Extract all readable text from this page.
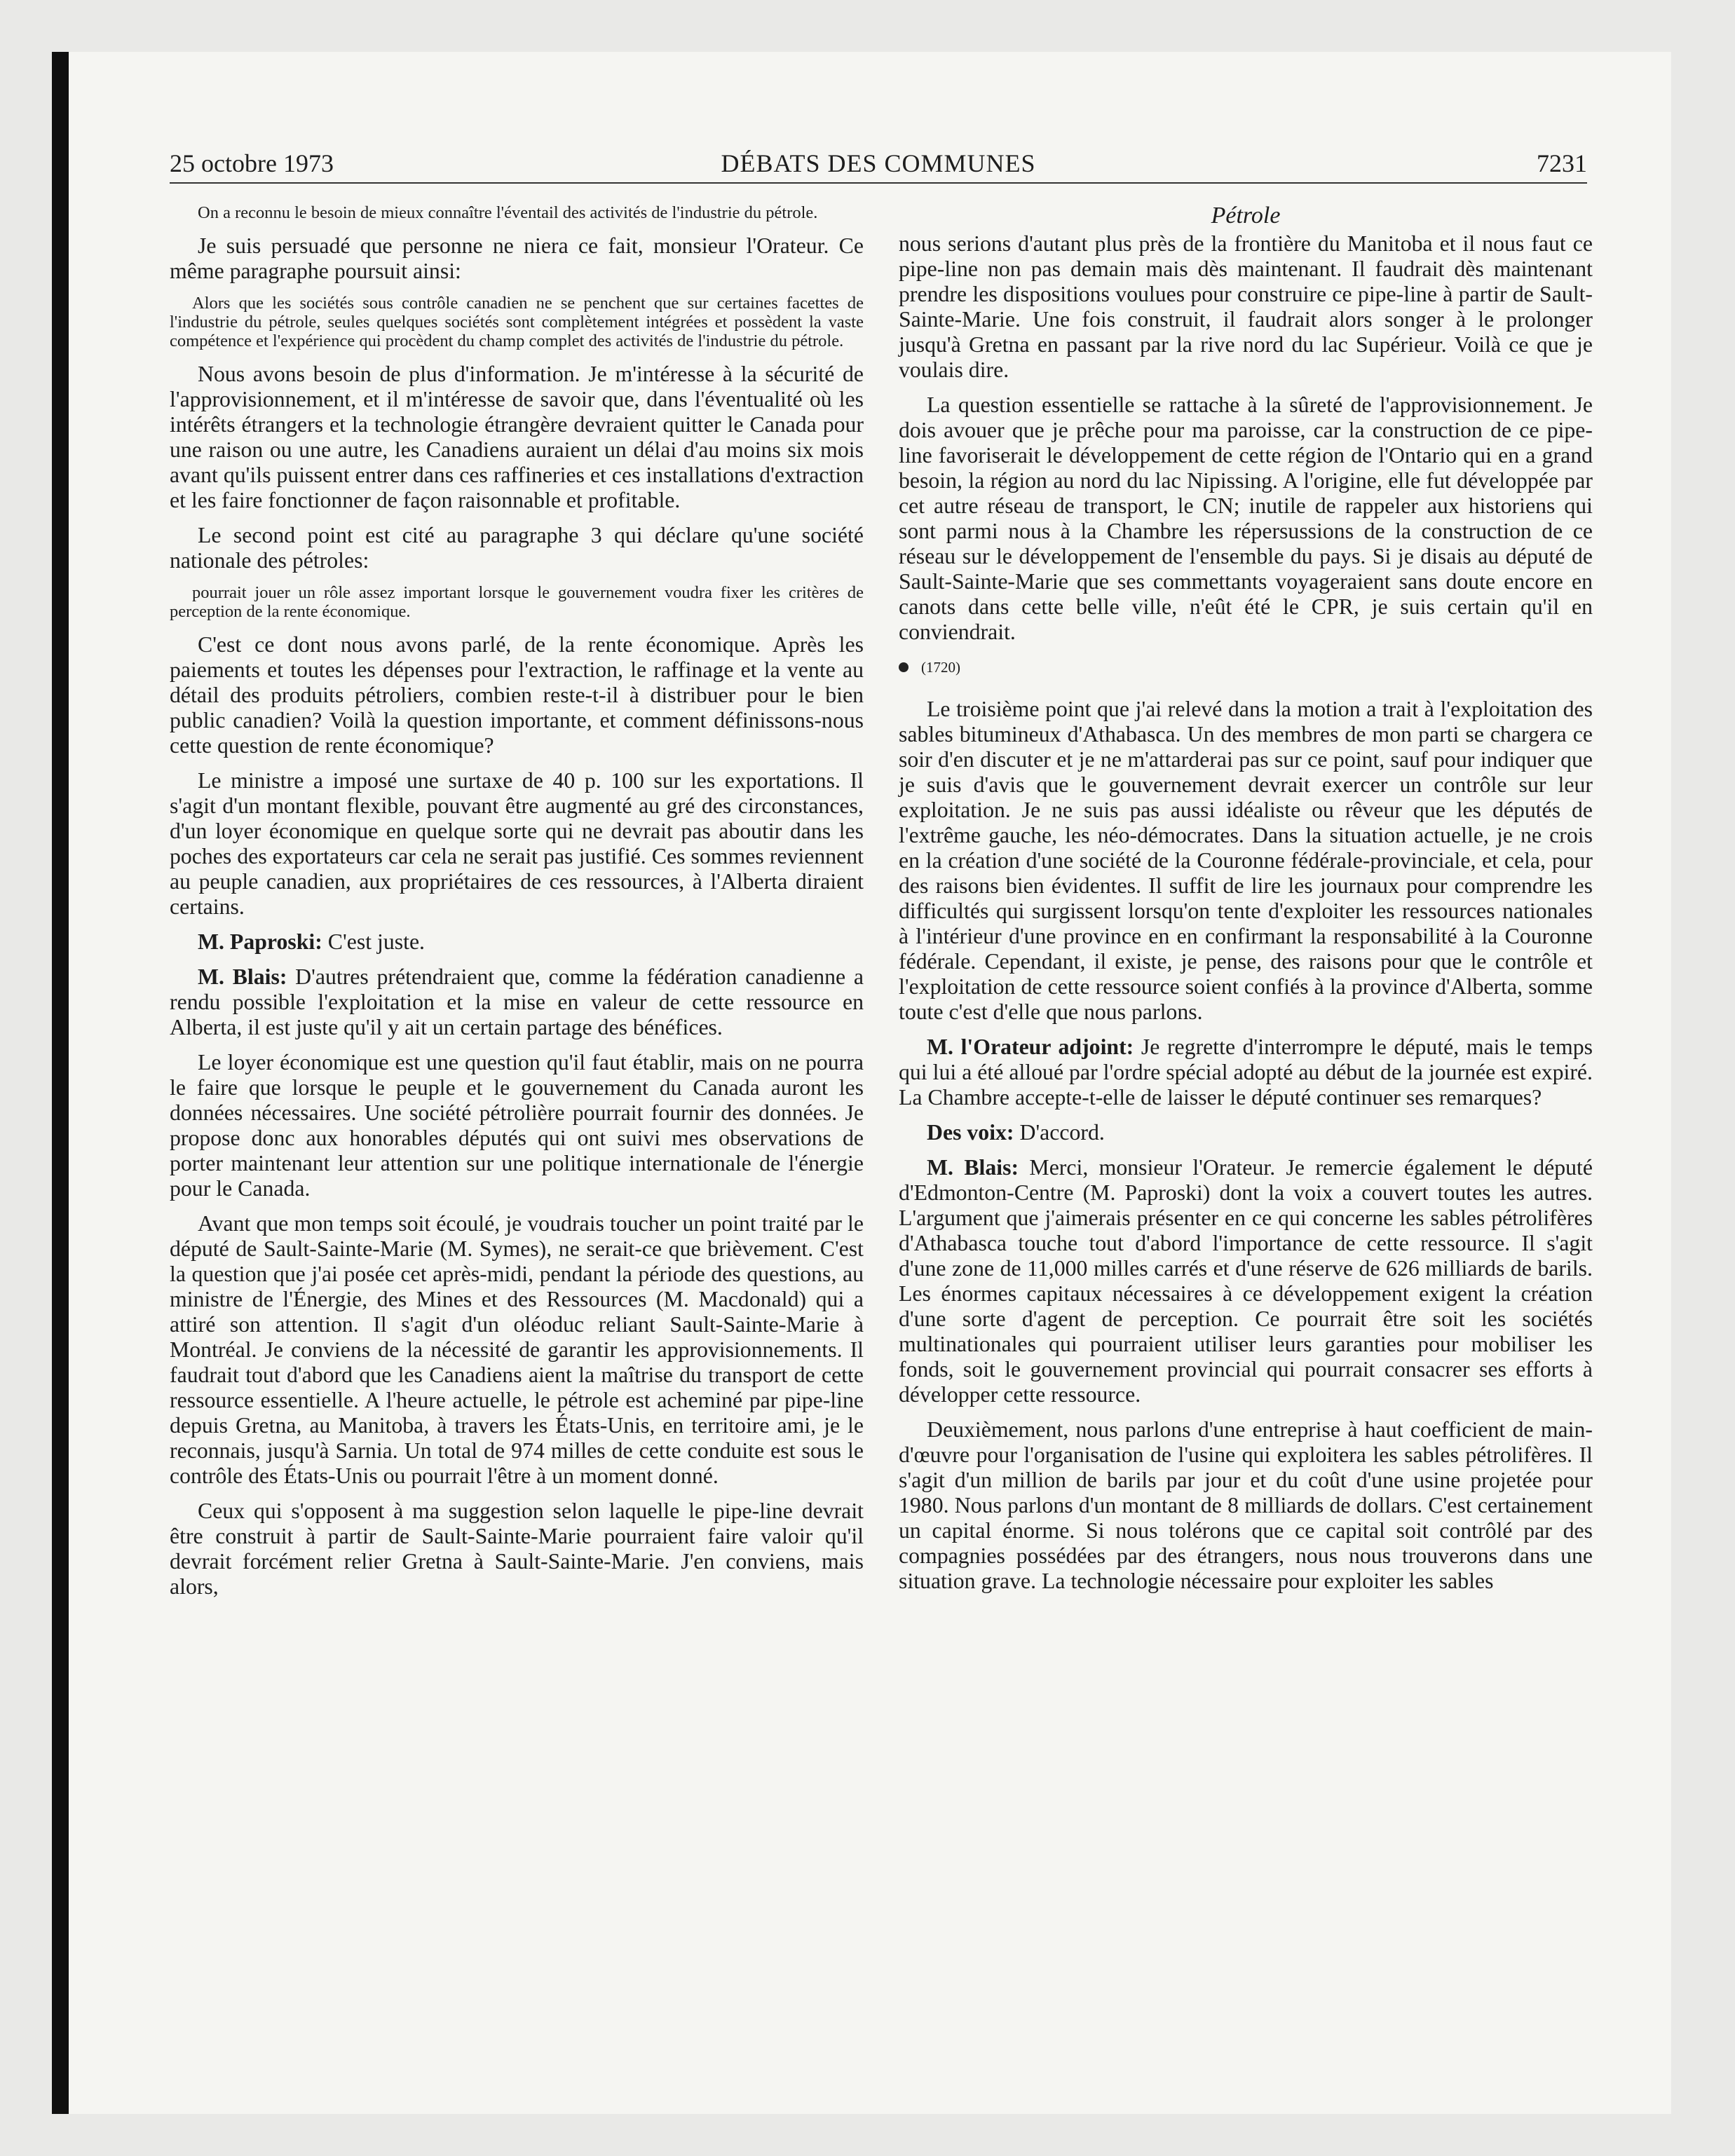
25 octobre 1973	DÉBATS DES COMMUNES	7231

On a reconnu le besoin de mieux connaître l'éventail des activités de l'industrie du pétrole.

Je suis persuadé que personne ne niera ce fait, monsieur l'Orateur. Ce même paragraphe poursuit ainsi:

Alors que les sociétés sous contrôle canadien ne se penchent que sur certaines facettes de l'industrie du pétrole, seules quelques sociétés sont complètement intégrées et possèdent la vaste compétence et l'expérience qui procèdent du champ complet des activités de l'industrie du pétrole.

Nous avons besoin de plus d'information. Je m'intéresse à la sécurité de l'approvisionnement, et il m'intéresse de savoir que, dans l'éventualité où les intérêts étrangers et la technologie étrangère devraient quitter le Canada pour une raison ou une autre, les Canadiens auraient un délai d'au moins six mois avant qu'ils puissent entrer dans ces raffineries et ces installations d'extraction et les faire fonctionner de façon raisonnable et profitable.

Le second point est cité au paragraphe 3 qui déclare qu'une société nationale des pétroles:

pourrait jouer un rôle assez important lorsque le gouvernement voudra fixer les critères de perception de la rente économique.

C'est ce dont nous avons parlé, de la rente économique. Après les paiements et toutes les dépenses pour l'extraction, le raffinage et la vente au détail des produits pétroliers, combien reste-t-il à distribuer pour le bien public canadien? Voilà la question importante, et comment définissons-nous cette question de rente économique?

Le ministre a imposé une surtaxe de 40 p. 100 sur les exportations. Il s'agit d'un montant flexible, pouvant être augmenté au gré des circonstances, d'un loyer économique en quelque sorte qui ne devrait pas aboutir dans les poches des exportateurs car cela ne serait pas justifié. Ces sommes reviennent au peuple canadien, aux propriétaires de ces ressources, à l'Alberta diraient certains.

M. Paproski: C'est juste.

M. Blais: D'autres prétendraient que, comme la fédération canadienne a rendu possible l'exploitation et la mise en valeur de cette ressource en Alberta, il est juste qu'il y ait un certain partage des bénéfices.

Le loyer économique est une question qu'il faut établir, mais on ne pourra le faire que lorsque le peuple et le gouvernement du Canada auront les données nécessaires. Une société pétrolière pourrait fournir des données. Je propose donc aux honorables députés qui ont suivi mes observations de porter maintenant leur attention sur une politique internationale de l'énergie pour le Canada.

Avant que mon temps soit écoulé, je voudrais toucher un point traité par le député de Sault-Sainte-Marie (M. Symes), ne serait-ce que brièvement. C'est la question que j'ai posée cet après-midi, pendant la période des questions, au ministre de l'Énergie, des Mines et des Ressources (M. Macdonald) qui a attiré son attention. Il s'agit d'un oléoduc reliant Sault-Sainte-Marie à Montréal. Je conviens de la nécessité de garantir les approvisionnements. Il faudrait tout d'abord que les Canadiens aient la maîtrise du transport de cette ressource essentielle. A l'heure actuelle, le pétrole est acheminé par pipe-line depuis Gretna, au Manitoba, à travers les États-Unis, en territoire ami, je le reconnais, jusqu'à Sarnia. Un total de 974 milles de cette conduite est sous le contrôle des États-Unis ou pourrait l'être à un moment donné.

Ceux qui s'opposent à ma suggestion selon laquelle le pipe-line devrait être construit à partir de Sault-Sainte-Marie pourraient faire valoir qu'il devrait forcément relier Gretna à Sault-Sainte-Marie. J'en conviens, mais alors,

Pétrole

nous serions d'autant plus près de la frontière du Manitoba et il nous faut ce pipe-line non pas demain mais dès maintenant. Il faudrait dès maintenant prendre les dispositions voulues pour construire ce pipe-line à partir de Sault-Sainte-Marie. Une fois construit, il faudrait alors songer à le prolonger jusqu'à Gretna en passant par la rive nord du lac Supérieur. Voilà ce que je voulais dire.

La question essentielle se rattache à la sûreté de l'approvisionnement. Je dois avouer que je prêche pour ma paroisse, car la construction de ce pipe-line favoriserait le développement de cette région de l'Ontario qui en a grand besoin, la région au nord du lac Nipissing. A l'origine, elle fut développée par cet autre réseau de transport, le CN; inutile de rappeler aux historiens qui sont parmi nous à la Chambre les répersussions de la construction de ce réseau sur le développement de l'ensemble du pays. Si je disais au député de Sault-Sainte-Marie que ses commettants voyageraient sans doute encore en canots dans cette belle ville, n'eût été le CPR, je suis certain qu'il en conviendrait.

(1720)

Le troisième point que j'ai relevé dans la motion a trait à l'exploitation des sables bitumineux d'Athabasca. Un des membres de mon parti se chargera ce soir d'en discuter et je ne m'attarderai pas sur ce point, sauf pour indiquer que je suis d'avis que le gouvernement devrait exercer un contrôle sur leur exploitation. Je ne suis pas aussi idéaliste ou rêveur que les députés de l'extrême gauche, les néo-démocrates. Dans la situation actuelle, je ne crois en la création d'une société de la Couronne fédérale-provinciale, et cela, pour des raisons bien évidentes. Il suffit de lire les journaux pour comprendre les difficultés qui surgissent lorsqu'on tente d'exploiter les ressources nationales à l'intérieur d'une province en en confirmant la responsabilité à la Couronne fédérale. Cependant, il existe, je pense, des raisons pour que le contrôle et l'exploitation de cette ressource soient confiés à la province d'Alberta, somme toute c'est d'elle que nous parlons.

M. l'Orateur adjoint: Je regrette d'interrompre le député, mais le temps qui lui a été alloué par l'ordre spécial adopté au début de la journée est expiré. La Chambre accepte-t-elle de laisser le député continuer ses remarques?

Des voix: D'accord.

M. Blais: Merci, monsieur l'Orateur. Je remercie également le député d'Edmonton-Centre (M. Paproski) dont la voix a couvert toutes les autres. L'argument que j'aimerais présenter en ce qui concerne les sables pétrolifères d'Athabasca touche tout d'abord l'importance de cette ressource. Il s'agit d'une zone de 11,000 milles carrés et d'une réserve de 626 milliards de barils. Les énormes capitaux nécessaires à ce développement exigent la création d'une sorte d'agent de perception. Ce pourrait être soit les sociétés multinationales qui pourraient utiliser leurs garanties pour mobiliser les fonds, soit le gouvernement provincial qui pourrait consacrer ses efforts à développer cette ressource.

Deuxièmement, nous parlons d'une entreprise à haut coefficient de main-d'œuvre pour l'organisation de l'usine qui exploitera les sables pétrolifères. Il s'agit d'un million de barils par jour et du coût d'une usine projetée pour 1980. Nous parlons d'un montant de 8 milliards de dollars. C'est certainement un capital énorme. Si nous tolérons que ce capital soit contrôlé par des compagnies possédées par des étrangers, nous nous trouverons dans une situation grave. La technologie nécessaire pour exploiter les sables
